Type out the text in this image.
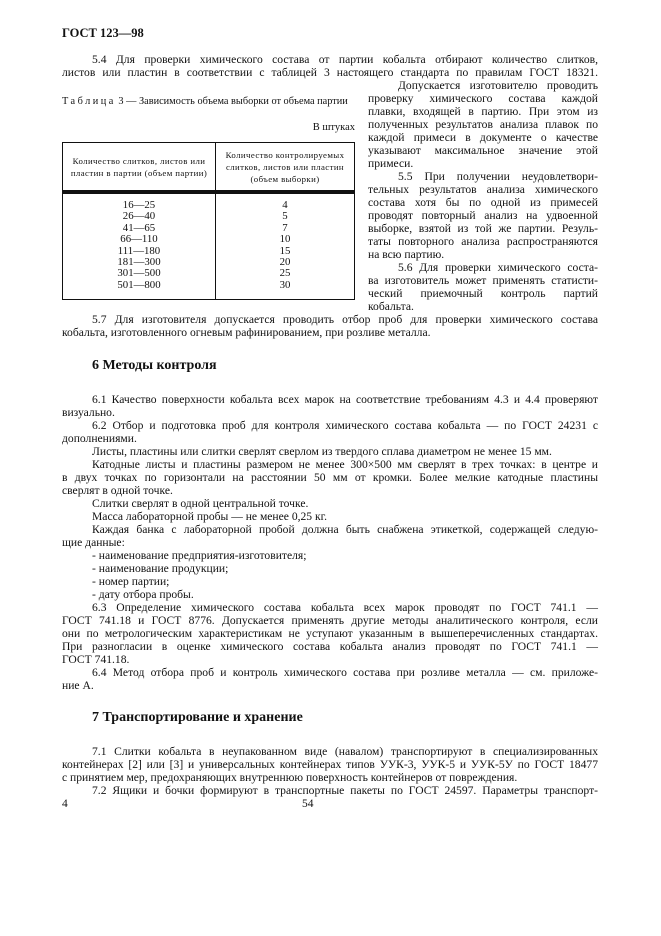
ГОСТ 123—98
5.4 Для проверки химического состава от партии кобальта отбирают количество слитков,
листов или пластин в соответствии с таблицей 3 настоящего стандарта по правилам ГОСТ 18321.
Таблица 3 — Зависимость объема выборки от объема партии
В штуках
Количество слитков, листов или пластин в партии (объем партии)	Количество контролируемых слитков, листов или пластин (объем выборки)
16—25	4
26—40	5
41—65	7
66—110	10
111—180	15
181—300	20
301—500	25
501—800	30
Допускается изготовителю проводить
проверку химического состава каждой
плавки, входящей в партию. При этом из
полученных результатов анализа плавок по
каждой примеси в документе о качестве
указывают максимальное значение этой
примеси.
5.5 При получении неудовлетвори-
тельных результатов анализа химического
состава хотя бы по одной из примесей
проводят повторный анализ на удвоенной
выборке, взятой из той же партии. Резуль-
таты повторного анализа распространяются
на всю партию.
5.6 Для проверки химического соста-
ва изготовитель может применять статисти-
ческий приемочный контроль партий
кобальта.
5.7 Для изготовителя допускается проводить отбор проб для проверки химического состава
кобальта, изготовленного огневым рафинированием, при розливе металла.
6 Методы контроля
6.1 Качество поверхности кобальта всех марок на соответствие требованиям 4.3 и 4.4 проверяют
визуально.
6.2 Отбор и подготовка проб для контроля химического состава кобальта — по ГОСТ 24231 с
дополнениями.
Листы, пластины или слитки сверлят сверлом из твердого сплава диаметром не менее 15 мм.
Катодные листы и пластины размером не менее 300×500 мм сверлят в трех точках: в центре и
в двух точках по горизонтали на расстоянии 50 мм от кромки. Более мелкие катодные пластины
сверлят в одной точке.
Слитки сверлят в одной центральной точке.
Масса лабораторной пробы — не менее 0,25 кг.
Каждая банка с лабораторной пробой должна быть снабжена этикеткой, содержащей следую-
щие данные:
- наименование предприятия-изготовителя;
- наименование продукции;
- номер партии;
- дату отбора пробы.
6.3 Определение химического состава кобальта всех марок проводят по ГОСТ 741.1 —
ГОСТ 741.18 и ГОСТ 8776. Допускается применять другие методы аналитического контроля, если
они по метрологическим характеристикам не уступают указанным в вышеперечисленных стандартах.
При разногласии в оценке химического состава кобальта анализ проводят по ГОСТ 741.1 —
ГОСТ 741.18.
6.4 Метод отбора проб и контроль химического состава при розливе металла — см. приложе-
ние А.
7 Транспортирование и хранение
7.1 Слитки кобальта в неупакованном виде (навалом) транспортируют в специализированных
контейнерах [2] или [3] и универсальных контейнерах типов УУК-3, УУК-5 и УУК-5У по ГОСТ 18477
с принятием мер, предохраняющих внутреннюю поверхность контейнеров от повреждения.
7.2 Ящики и бочки формируют в транспортные пакеты по ГОСТ 24597. Параметры транспорт-
4	54
